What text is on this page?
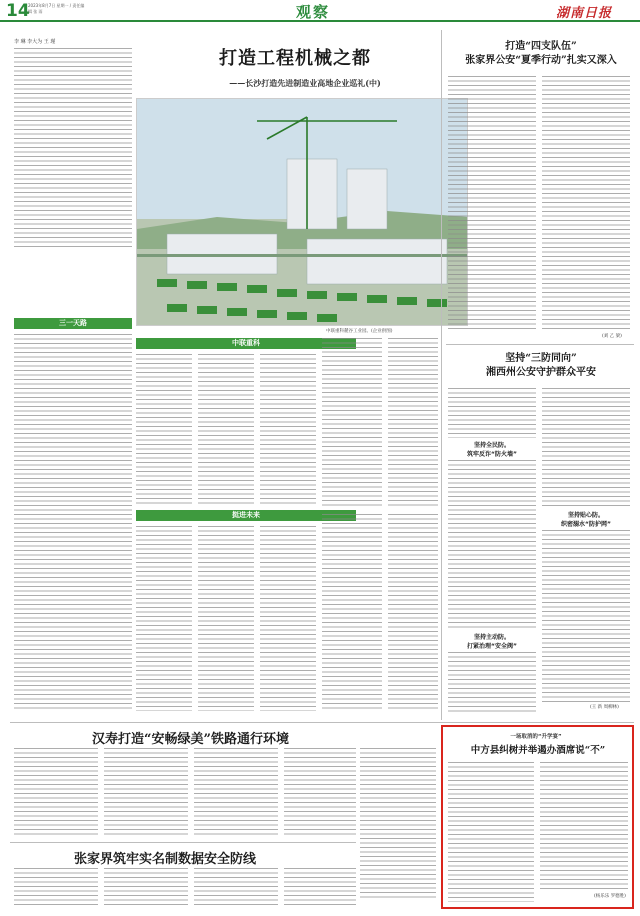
14
2023年8月7日 星期一 / 责任编辑 张 雨	观察	湖南日报
李 琳 李大为 王 瑾
打造工程机械之都
——长沙打造先进制造业高地企业巡礼(中)
中联重科麓谷工业园。(企业供图)
三一天路
中联重科
挺进未来
打造“四支队伍”
张家界公安“夏季行动”扎实又深入
(刘 乙 梁)
坚持“三防同向”
湘西州公安守护群众平安
坚持全民防。
筑牢反诈“防火墙”
坚持主动防。
打紧治理“安全阀”
坚持贴心防。
织密溺水“防护网”
(王 新 周柳林)
汉寿打造“安畅绿美”铁路通行环境
张家界筑牢实名制数据安全防线
一场取消的“升学宴”
中方县纠树并举遏办酒席说“不”
(杨乐乐 罗德胜)
